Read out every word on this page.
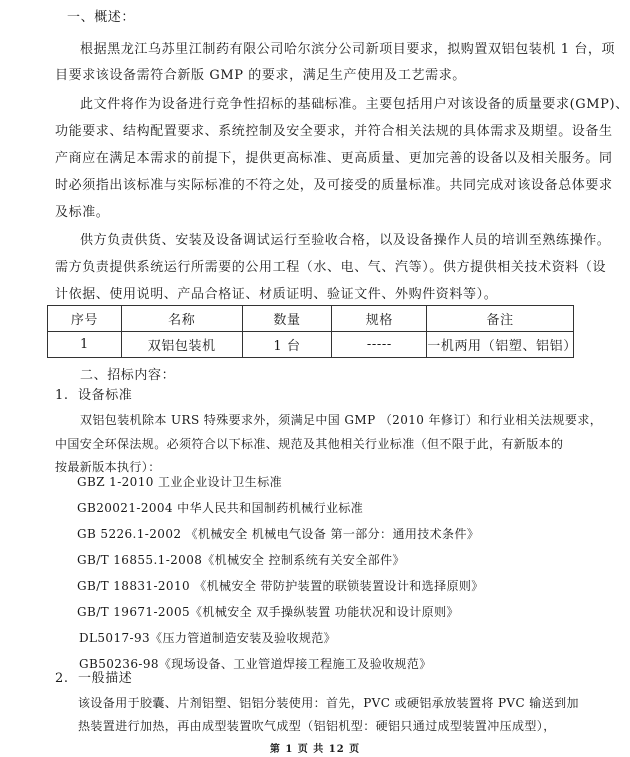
一、概述：
根据黑龙江乌苏里江制药有限公司哈尔滨分公司新项目要求，拟购置双铝包装机 1 台，项
目要求该设备需符合新版 GMP 的要求，满足生产使用及工艺需求。
此文件将作为设备进行竞争性招标的基础标准。主要包括用户对该设备的质量要求(GMP)、
功能要求、结构配置要求、系统控制及安全要求，并符合相关法规的具体需求及期望。设备生
产商应在满足本需求的前提下，提供更高标准、更高质量、更加完善的设备以及相关服务。同
时必须指出该标准与实际标准的不符之处，及可接受的质量标准。共同完成对该设备总体要求
及标准。
供方负责供货、安装及设备调试运行至验收合格，以及设备操作人员的培训至熟练操作。
需方负责提供系统运行所需要的公用工程（水、电、气、汽等）。供方提供相关技术资料（设
计依据、使用说明、产品合格证、材质证明、验证文件、外购件资料等）。
序号	名称	数量	规格	备注
1	双铝包装机	1 台	-----	一机两用（铝塑、铝铝）
二、招标内容：
1. 设备标准
双铝包装机除本 URS 特殊要求外，须满足中国 GMP （2010 年修订）和行业相关法规要求，
中国安全环保法规。必须符合以下标准、规范及其他相关行业标准（但不限于此，有新版本的
按最新版本执行）：
GBZ 1-2010 工业企业设计卫生标准
GB20021-2004 中华人民共和国制药机械行业标准
GB 5226.1-2002 《机械安全 机械电气设备 第一部分：通用技术条件》
GB/T 16855.1-2008《机械安全 控制系统有关安全部件》
GB/T 18831-2010 《机械安全 带防护装置的联锁装置设计和选择原则》
GB/T 19671-2005《机械安全 双手操纵装置 功能状况和设计原则》
DL5017-93《压力管道制造安装及验收规范》
GB50236-98《现场设备、工业管道焊接工程施工及验收规范》
2. 一般描述
该设备用于胶囊、片剂铝塑、铝铝分装使用：首先，PVC 或硬铝承放装置将 PVC 输送到加
热装置进行加热，再由成型装置吹气成型（铝铝机型：硬铝只通过成型装置冲压成型），
第 1 页 共 12 页
